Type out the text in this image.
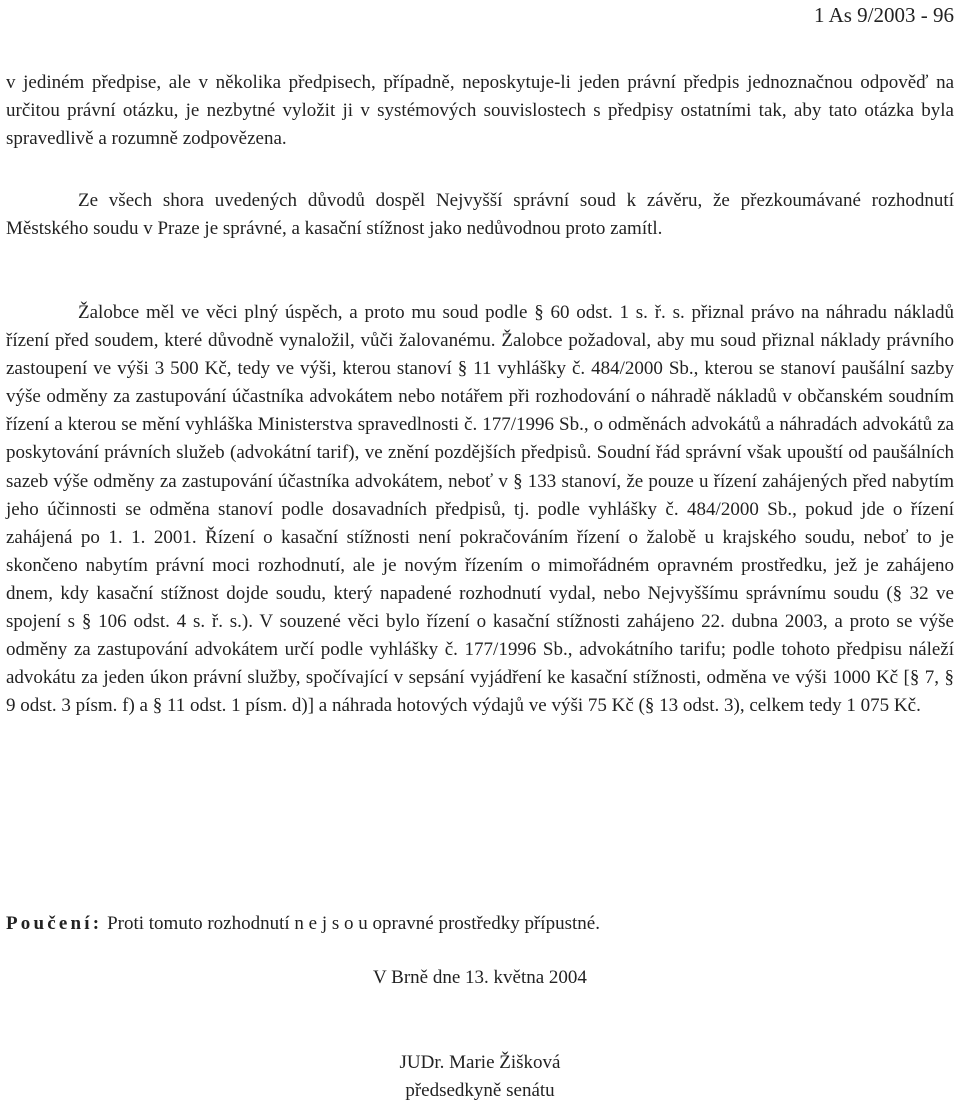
1 As 9/2003 - 96
v jediném předpise, ale v několika předpisech, případně, neposkytuje-li jeden právní předpis jednoznačnou odpověď na určitou právní otázku, je nezbytné vyložit ji v systémových souvislostech s předpisy ostatními tak, aby tato otázka byla spravedlivě a rozumně zodpovězena.
Ze všech shora uvedených důvodů dospěl Nejvyšší správní soud k závěru, že přezkoumávané rozhodnutí Městského soudu v Praze je správné, a kasační stížnost jako nedůvodnou proto zamítl.
Žalobce měl ve věci plný úspěch, a proto mu soud podle § 60 odst. 1 s. ř. s. přiznal právo na náhradu nákladů řízení před soudem, které důvodně vynaložil, vůči žalovanému. Žalobce požadoval, aby mu soud přiznal náklady právního zastoupení ve výši 3 500 Kč, tedy ve výši, kterou stanoví § 11 vyhlášky č. 484/2000 Sb., kterou se stanoví paušální sazby výše odměny za zastupování účastníka advokátem nebo notářem při rozhodování o náhradě nákladů v občanském soudním řízení a kterou se mění vyhláška Ministerstva spravedlnosti č. 177/1996 Sb., o odměnách advokátů a náhradách advokátů za poskytování právních služeb (advokátní tarif), ve znění pozdějších předpisů. Soudní řád správní však upouští od paušálních sazeb výše odměny za zastupování účastníka advokátem, neboť v § 133 stanoví, že pouze u řízení zahájených před nabytím jeho účinnosti se odměna stanoví podle dosavadních předpisů, tj. podle vyhlášky č. 484/2000 Sb., pokud jde o řízení zahájená po 1. 1. 2001. Řízení o kasační stížnosti není pokračováním řízení o žalobě u krajského soudu, neboť to je skončeno nabytím právní moci rozhodnutí, ale je novým řízením o mimořádném opravném prostředku, jež je zahájeno dnem, kdy kasační stížnost dojde soudu, který napadené rozhodnutí vydal, nebo Nejvyššímu správnímu soudu (§ 32 ve spojení s § 106 odst. 4 s. ř. s.). V souzené věci bylo řízení o kasační stížnosti zahájeno 22. dubna 2003, a proto se výše odměny za zastupování advokátem určí podle vyhlášky č. 177/1996 Sb., advokátního tarifu; podle tohoto předpisu náleží advokátu za jeden úkon právní služby, spočívající v sepsání vyjádření ke kasační stížnosti, odměna ve výši 1000 Kč [§ 7, § 9 odst. 3 písm. f) a § 11 odst. 1 písm. d)] a náhrada hotových výdajů ve výši 75 Kč (§ 13 odst. 3), celkem tedy 1 075 Kč.
Poučení: Proti tomuto rozhodnutí n e j s o u opravné prostředky přípustné.
V Brně dne 13. května 2004
JUDr. Marie Žišková
předsedkyně senátu
